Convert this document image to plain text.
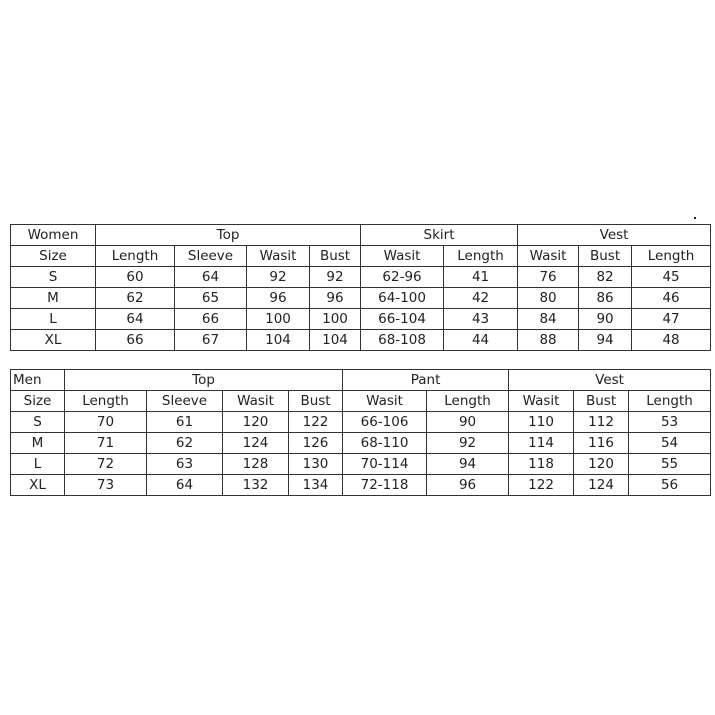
Women	Top				Skirt		Vest		
Size	Length	Sleeve	Wasit	Bust	Wasit	Length	Wasit	Bust	Length
S	60	64	92	92	62-96	41	76	82	45
M	62	65	96	96	64-100	42	80	86	46
L	64	66	100	100	66-104	43	84	90	47
XL	66	67	104	104	68-108	44	88	94	48
Men	Top				Pant		Vest		
Size	Length	Sleeve	Wasit	Bust	Wasit	Length	Wasit	Bust	Length
S	70	61	120	122	66-106	90	110	112	53
M	71	62	124	126	68-110	92	114	116	54
L	72	63	128	130	70-114	94	118	120	55
XL	73	64	132	134	72-118	96	122	124	56
